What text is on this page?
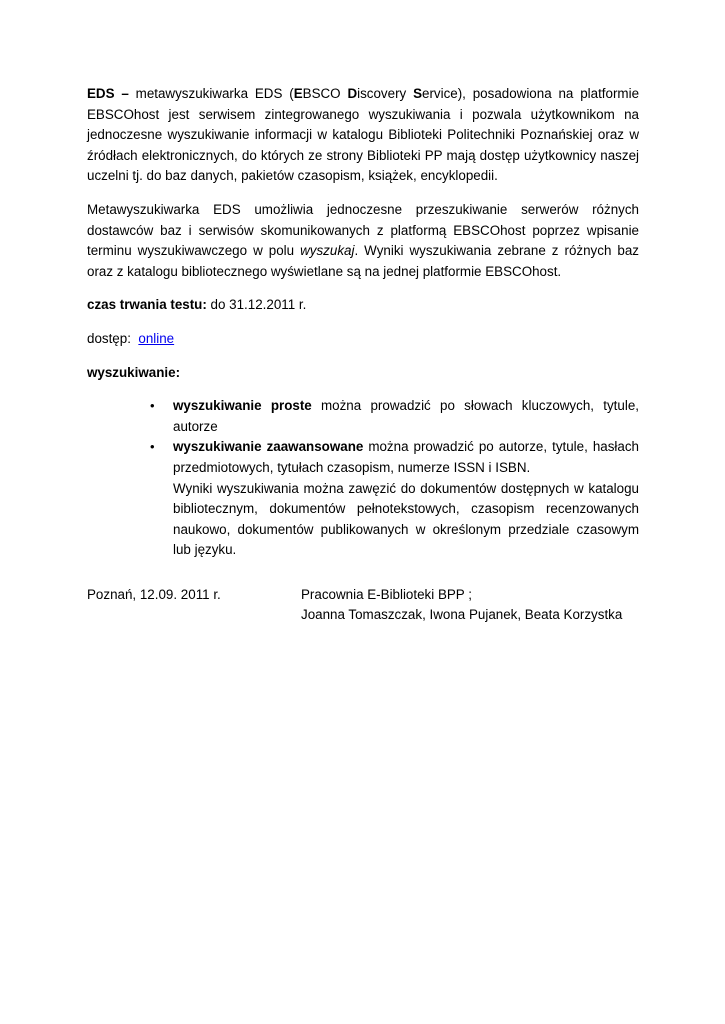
EDS – metawyszukiwarka EDS (EBSCO Discovery Service), posadowiona na platformie EBSCOhost jest serwisem zintegrowanego wyszukiwania i pozwala użytkownikom na jednoczesne wyszukiwanie informacji w katalogu Biblioteki Politechniki Poznańskiej oraz w źródłach elektronicznych, do których ze strony Biblioteki PP mają dostęp użytkownicy naszej uczelni tj. do baz danych, pakietów czasopism, książek, encyklopedii.

Metawyszukiwarka EDS umożliwia jednoczesne przeszukiwanie serwerów różnych dostawców baz i serwisów skomunikowanych z platformą EBSCOhost poprzez wpisanie terminu wyszukiwawczego w polu wyszukaj. Wyniki wyszukiwania zebrane z różnych baz oraz z katalogu bibliotecznego wyświetlane są na jednej platformie EBSCOhost.

czas trwania testu: do 31.12.2011 r.

dostęp:  online

wyszukiwanie:

• wyszukiwanie proste można prowadzić po słowach kluczowych, tytule, autorze
• wyszukiwanie zaawansowane można prowadzić po autorze, tytule, hasłach przedmiotowych, tytułach czasopism, numerze ISSN i ISBN.
Wyniki wyszukiwania można zawęzić do dokumentów dostępnych w katalogu bibliotecznym, dokumentów pełnotekstowych, czasopism recenzowanych naukowo, dokumentów publikowanych w określonym przedziale czasowym lub języku.
Poznań, 12.09. 2011 r.	Pracownia E-Biblioteki BPP ;
Joanna Tomaszczak, Iwona Pujanek, Beata Korzystka
